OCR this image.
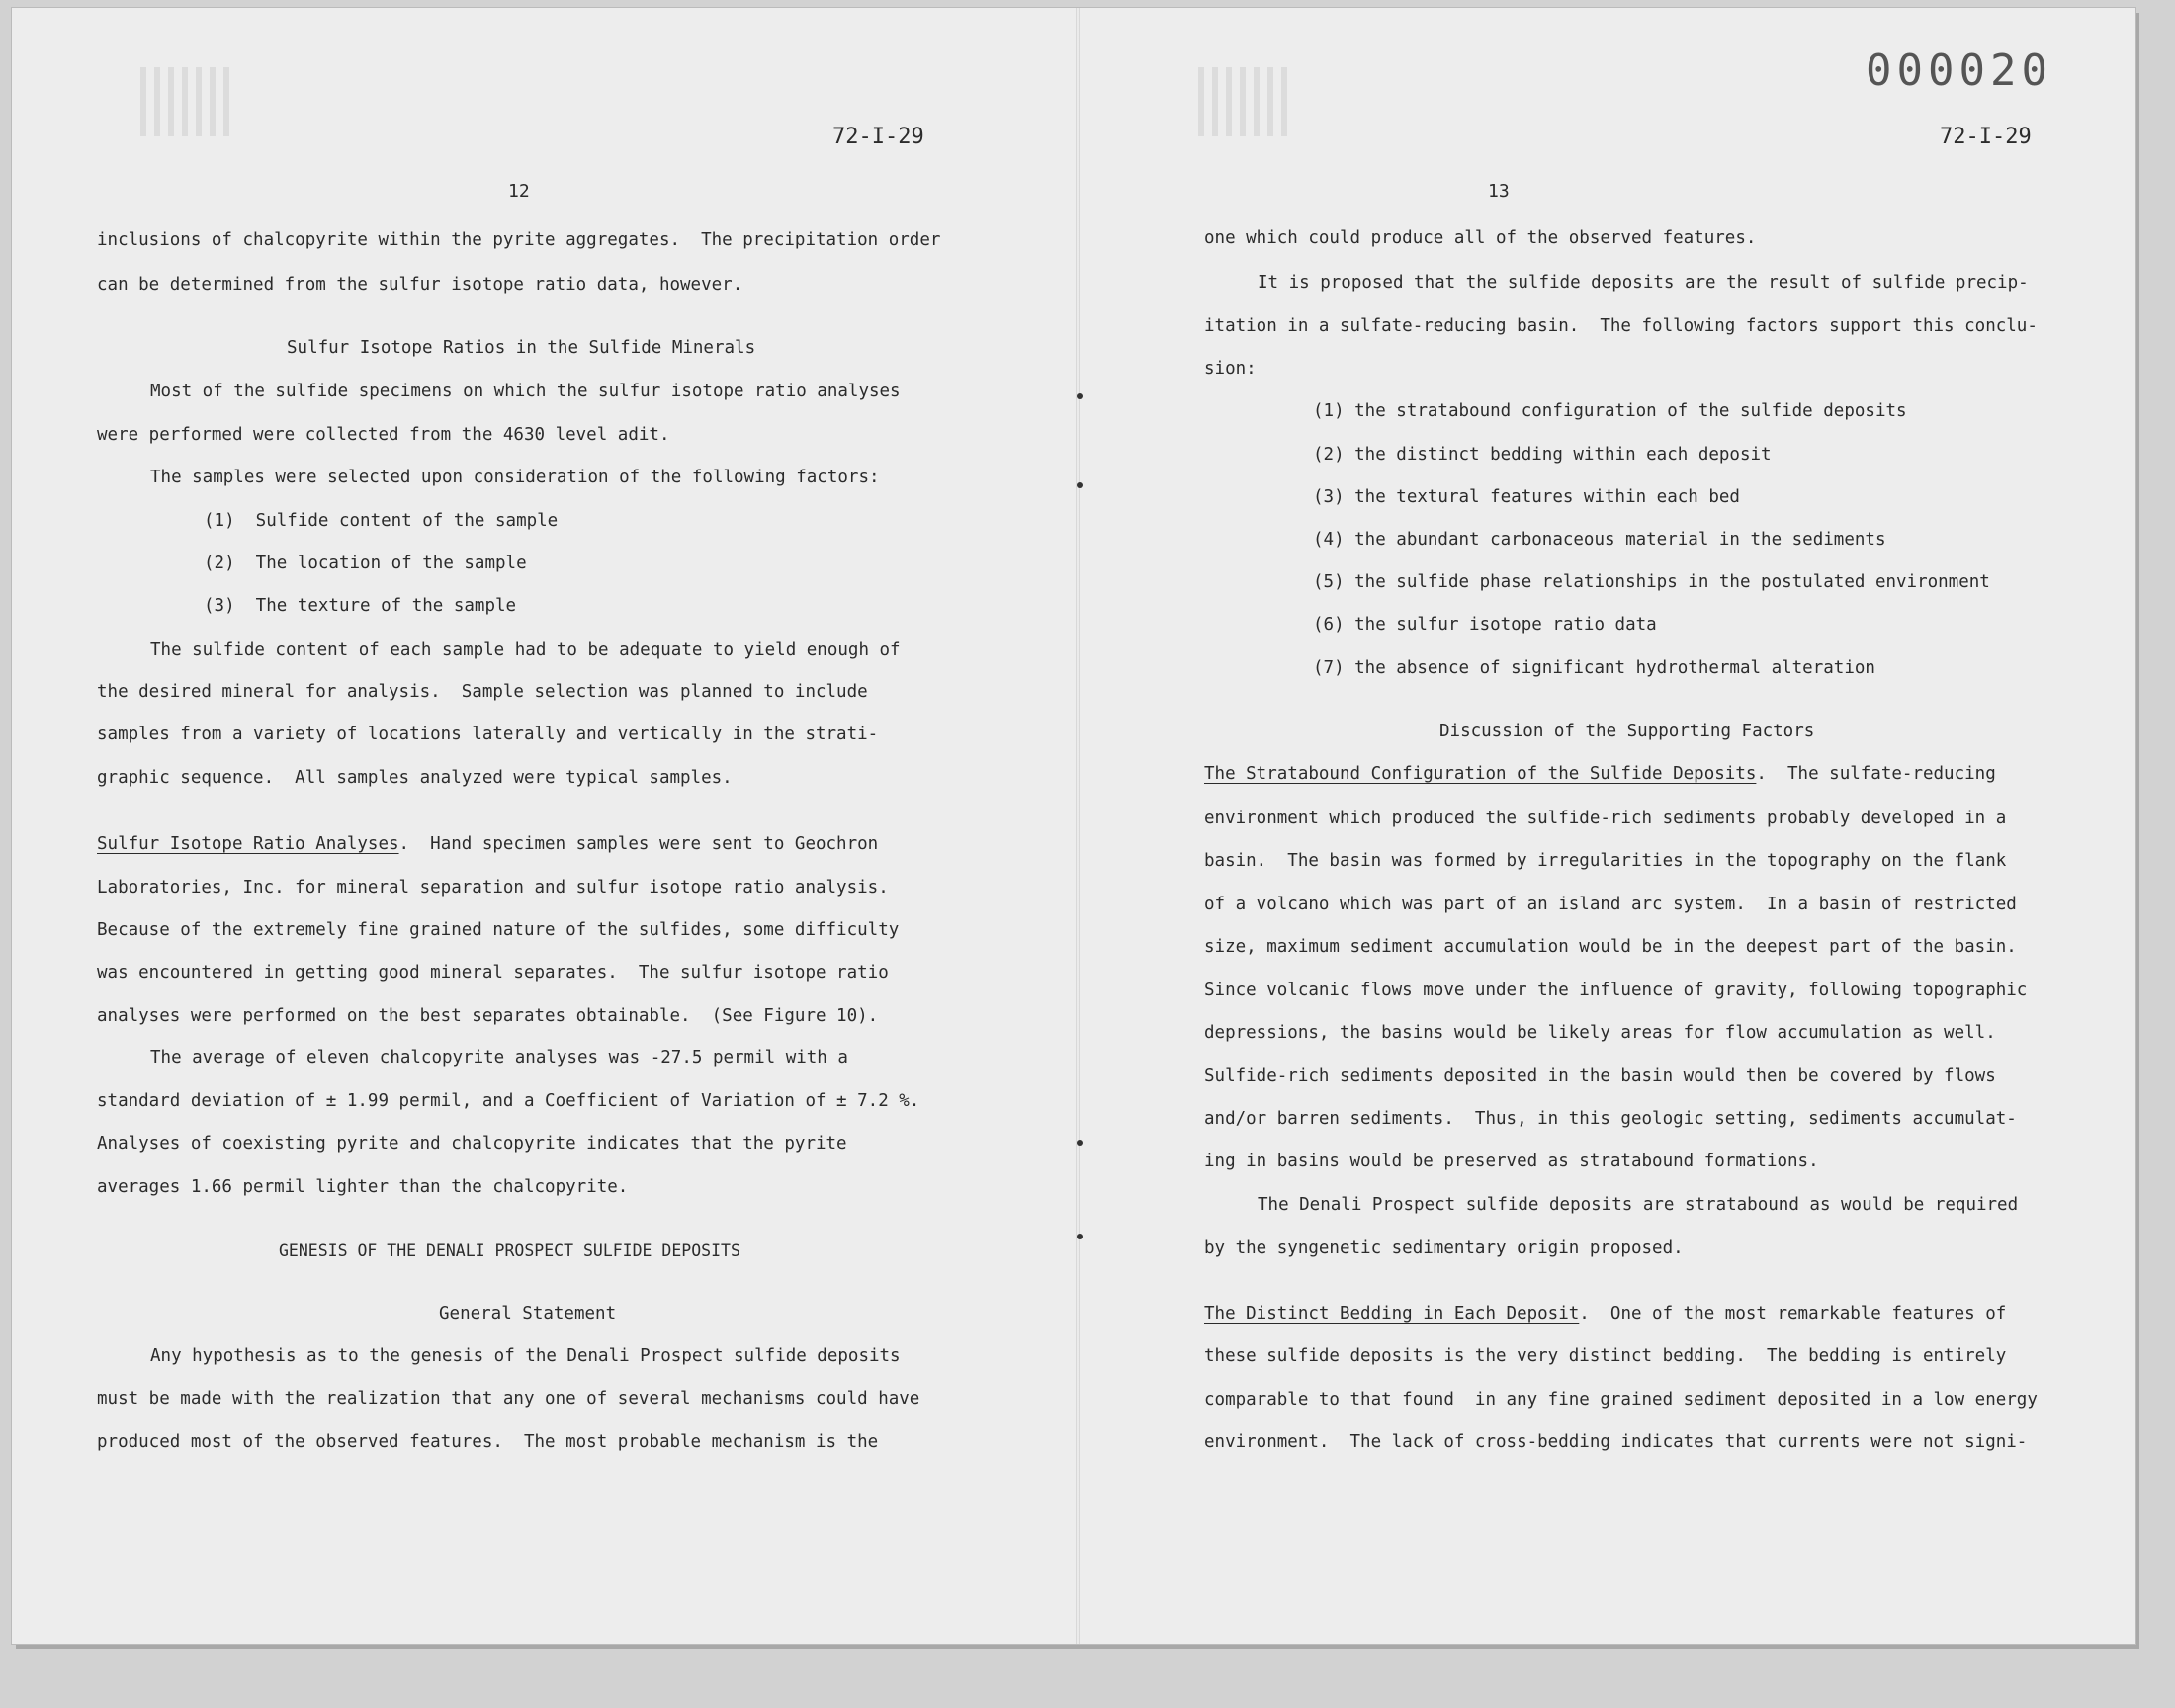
72-I-29
12
inclusions of chalcopyrite within the pyrite aggregates.  The precipitation order
can be determined from the sulfur isotope ratio data, however.
Sulfur Isotope Ratios in the Sulfide Minerals
Most of the sulfide specimens on which the sulfur isotope ratio analyses
were performed were collected from the 4630 level adit.
The samples were selected upon consideration of the following factors:
(1)  Sulfide content of the sample
(2)  The location of the sample
(3)  The texture of the sample
The sulfide content of each sample had to be adequate to yield enough of
the desired mineral for analysis.  Sample selection was planned to include
samples from a variety of locations laterally and vertically in the strati-
graphic sequence.  All samples analyzed were typical samples.
Sulfur Isotope Ratio Analyses.  Hand specimen samples were sent to Geochron
Laboratories, Inc. for mineral separation and sulfur isotope ratio analysis.
Because of the extremely fine grained nature of the sulfides, some difficulty
was encountered in getting good mineral separates.  The sulfur isotope ratio
analyses were performed on the best separates obtainable.  (See Figure 10).
The average of eleven chalcopyrite analyses was -27.5 permil with a
standard deviation of ± 1.99 permil, and a Coefficient of Variation of ± 7.2 %.
Analyses of coexisting pyrite and chalcopyrite indicates that the pyrite
averages 1.66 permil lighter than the chalcopyrite.
GENESIS OF THE DENALI PROSPECT SULFIDE DEPOSITS
General Statement
Any hypothesis as to the genesis of the Denali Prospect sulfide deposits
must be made with the realization that any one of several mechanisms could have
produced most of the observed features.  The most probable mechanism is the
000020
72-I-29
13
one which could produce all of the observed features.
It is proposed that the sulfide deposits are the result of sulfide precip-
itation in a sulfate-reducing basin.  The following factors support this conclu-
sion:
(1) the stratabound configuration of the sulfide deposits
(2) the distinct bedding within each deposit
(3) the textural features within each bed
(4) the abundant carbonaceous material in the sediments
(5) the sulfide phase relationships in the postulated environment
(6) the sulfur isotope ratio data
(7) the absence of significant hydrothermal alteration
Discussion of the Supporting Factors
The Stratabound Configuration of the Sulfide Deposits.  The sulfate-reducing
environment which produced the sulfide-rich sediments probably developed in a
basin.  The basin was formed by irregularities in the topography on the flank
of a volcano which was part of an island arc system.  In a basin of restricted
size, maximum sediment accumulation would be in the deepest part of the basin.
Since volcanic flows move under the influence of gravity, following topographic
depressions, the basins would be likely areas for flow accumulation as well.
Sulfide-rich sediments deposited in the basin would then be covered by flows
and/or barren sediments.  Thus, in this geologic setting, sediments accumulat-
ing in basins would be preserved as stratabound formations.
The Denali Prospect sulfide deposits are stratabound as would be required
by the syngenetic sedimentary origin proposed.
The Distinct Bedding in Each Deposit.  One of the most remarkable features of
these sulfide deposits is the very distinct bedding.  The bedding is entirely
comparable to that found  in any fine grained sediment deposited in a low energy
environment.  The lack of cross-bedding indicates that currents were not signi-
